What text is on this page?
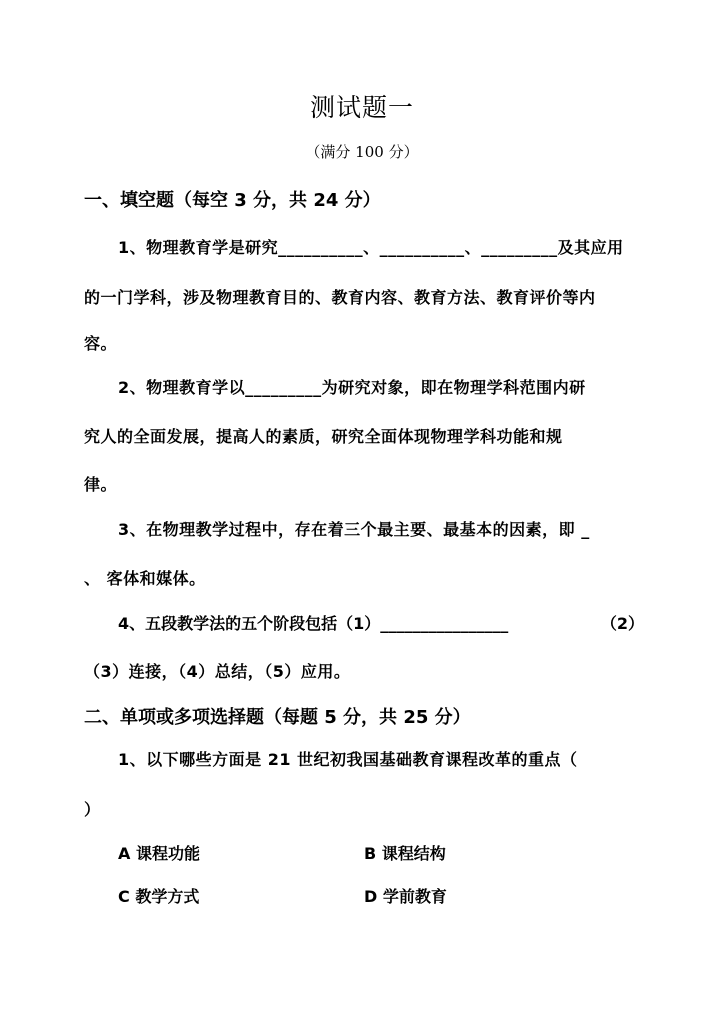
测试题一
（满分 100 分）
一、填空题（每空 3 分，共 24 分）
1、物理教育学是研究__________、__________、_________及其应用
的一门学科，涉及物理教育目的、教育内容、教育方法、教育评价等内
容。
2、物理教育学以_________为研究对象，即在物理学科范围内研
究人的全面发展，提高人的素质，研究全面体现物理学科功能和规
律。
3、在物理教学过程中，存在着三个最主要、最基本的因素，即 _
、 客体和媒体。
4、五段教学法的五个阶段包括（1）________________	（2）
（3）连接，（4）总结，（5）应用。
二、单项或多项选择题（每题 5 分，共 25 分）
1、以下哪些方面是 21 世纪初我国基础教育课程改革的重点（
）
A 课程功能	B 课程结构
C 教学方式	D 学前教育
